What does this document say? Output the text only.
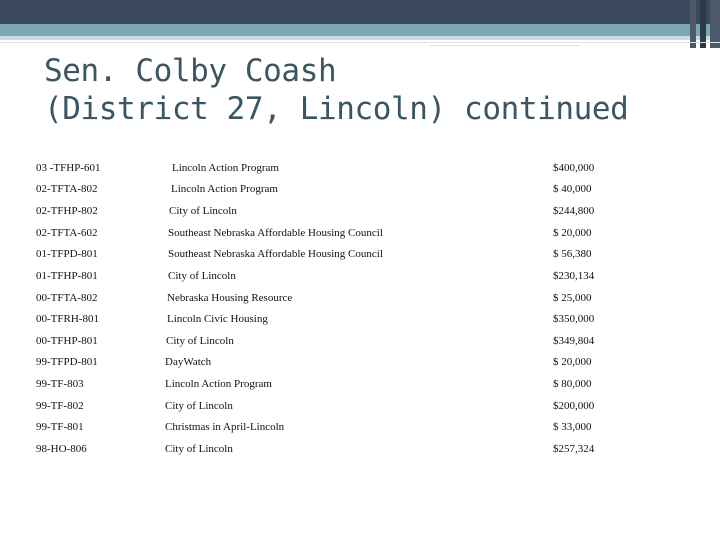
Sen. Colby Coash
(District 27, Lincoln) continued
03 -TFHP-601	Lincoln Action Program	$400,000
02-TFTA-802	Lincoln Action Program	$ 40,000
02-TFHP-802	City of Lincoln	$244,800
02-TFTA-602	Southeast Nebraska Affordable Housing Council	$ 20,000
01-TFPD-801	Southeast Nebraska Affordable Housing Council	$ 56,380
01-TFHP-801	City of Lincoln	$230,134
00-TFTA-802	Nebraska Housing Resource	$ 25,000
00-TFRH-801	Lincoln Civic Housing	$350,000
00-TFHP-801	City of Lincoln	$349,804
99-TFPD-801	DayWatch	$ 20,000
99-TF-803	Lincoln Action Program	$ 80,000
99-TF-802	City of Lincoln	$200,000
99-TF-801	Christmas in April-Lincoln	$ 33,000
98-HO-806	City of Lincoln	$257,324
